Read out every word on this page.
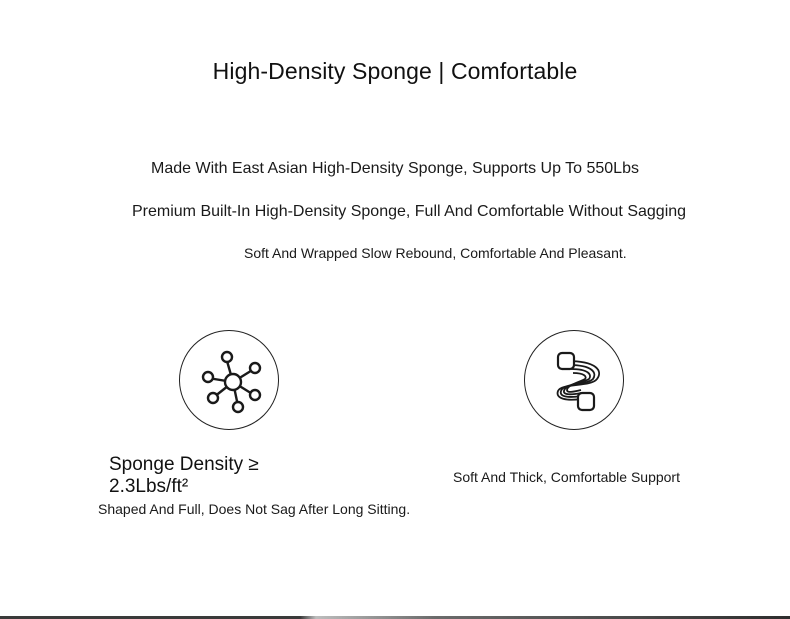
High-Density Sponge | Comfortable

Made With East Asian High-Density Sponge, Supports Up To 550Lbs

Premium Built-In High-Density Sponge, Full And Comfortable Without Sagging

Soft And Wrapped Slow Rebound, Comfortable And Pleasant.

Sponge Density ≥ 2.3Lbs/ft²

Shaped And Full, Does Not Sag After Long Sitting.

Soft And Thick, Comfortable Support
